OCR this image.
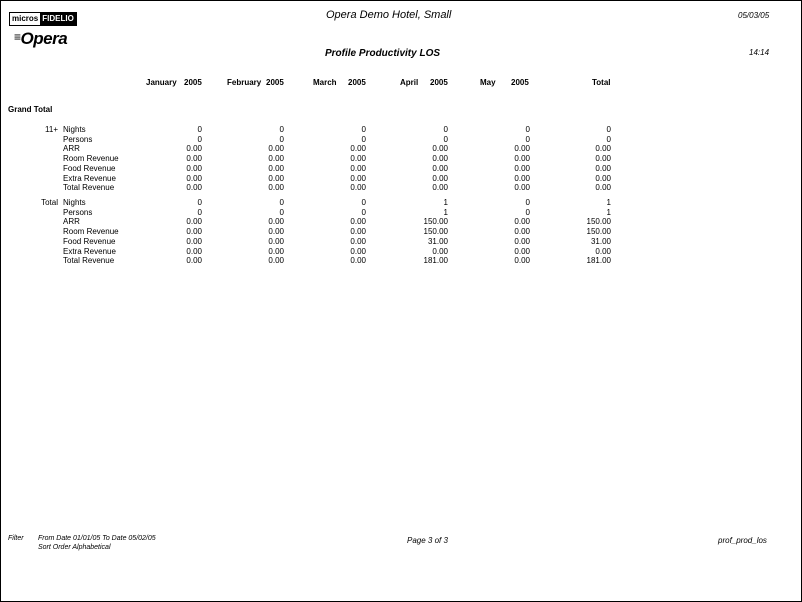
micros FIDELIO
≡Opera
Opera Demo Hotel, Small	05/03/05
Profile Productivity LOS	14:14
January 2005	February 2005	March 2005	April 2005	May 2005	Total
Grand Total
11+ Nights	0	0	0	0	0	0
Persons	0	0	0	0	0	0
ARR	0.00	0.00	0.00	0.00	0.00	0.00
Room Revenue	0.00	0.00	0.00	0.00	0.00	0.00
Food Revenue	0.00	0.00	0.00	0.00	0.00	0.00
Extra Revenue	0.00	0.00	0.00	0.00	0.00	0.00
Total Revenue	0.00	0.00	0.00	0.00	0.00	0.00
Total Nights	0	0	0	1	0	1
Persons	0	0	0	1	0	1
ARR	0.00	0.00	0.00	150.00	0.00	150.00
Room Revenue	0.00	0.00	0.00	150.00	0.00	150.00
Food Revenue	0.00	0.00	0.00	31.00	0.00	31.00
Extra Revenue	0.00	0.00	0.00	0.00	0.00	0.00
Total Revenue	0.00	0.00	0.00	181.00	0.00	181.00
Filter From Date 01/01/05 To Date 05/02/05
Sort Order Alphabetical
Page 3 of 3	prof_prod_los
